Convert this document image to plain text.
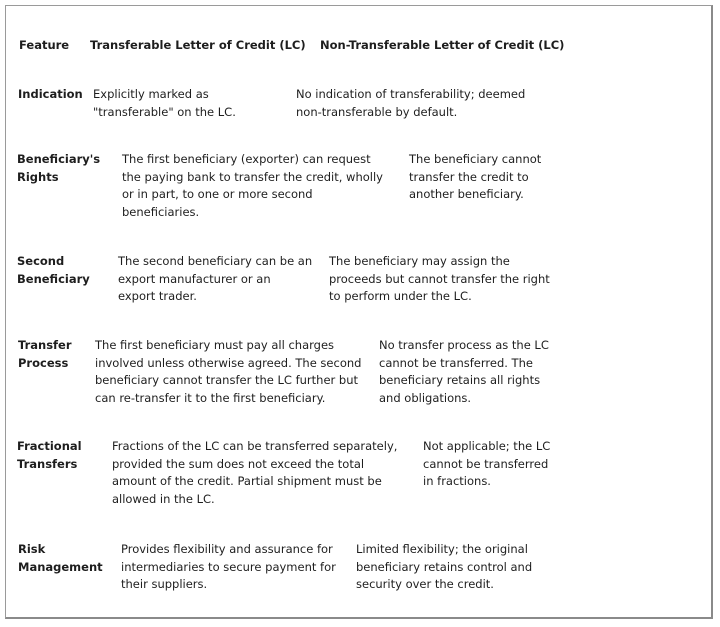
Feature Transferable Letter of Credit (LC) Non-Transferable Letter of Credit (LC)
Indication Explicitly marked as
"transferable" on the LC.
No indication of transferability; deemed
non-transferable by default.
Beneficiary's
Rights
The first beneficiary (exporter) can request
the paying bank to transfer the credit, wholly
or in part, to one or more second
beneficiaries.
The beneficiary cannot
transfer the credit to
another beneficiary.
Second
Beneficiary
The second beneficiary can be an
export manufacturer or an
export trader.
The beneficiary may assign the
proceeds but cannot transfer the right
to perform under the LC.
Transfer
Process
The first beneficiary must pay all charges
involved unless otherwise agreed. The second
beneficiary cannot transfer the LC further but
can re-transfer it to the first beneficiary.
No transfer process as the LC
cannot be transferred. The
beneficiary retains all rights
and obligations.
Fractional
Transfers
Fractions of the LC can be transferred separately,
provided the sum does not exceed the total
amount of the credit. Partial shipment must be
allowed in the LC.
Not applicable; the LC
cannot be transferred
in fractions.
Risk
Management
Provides flexibility and assurance for
intermediaries to secure payment for
their suppliers.
Limited flexibility; the original
beneficiary retains control and
security over the credit.
